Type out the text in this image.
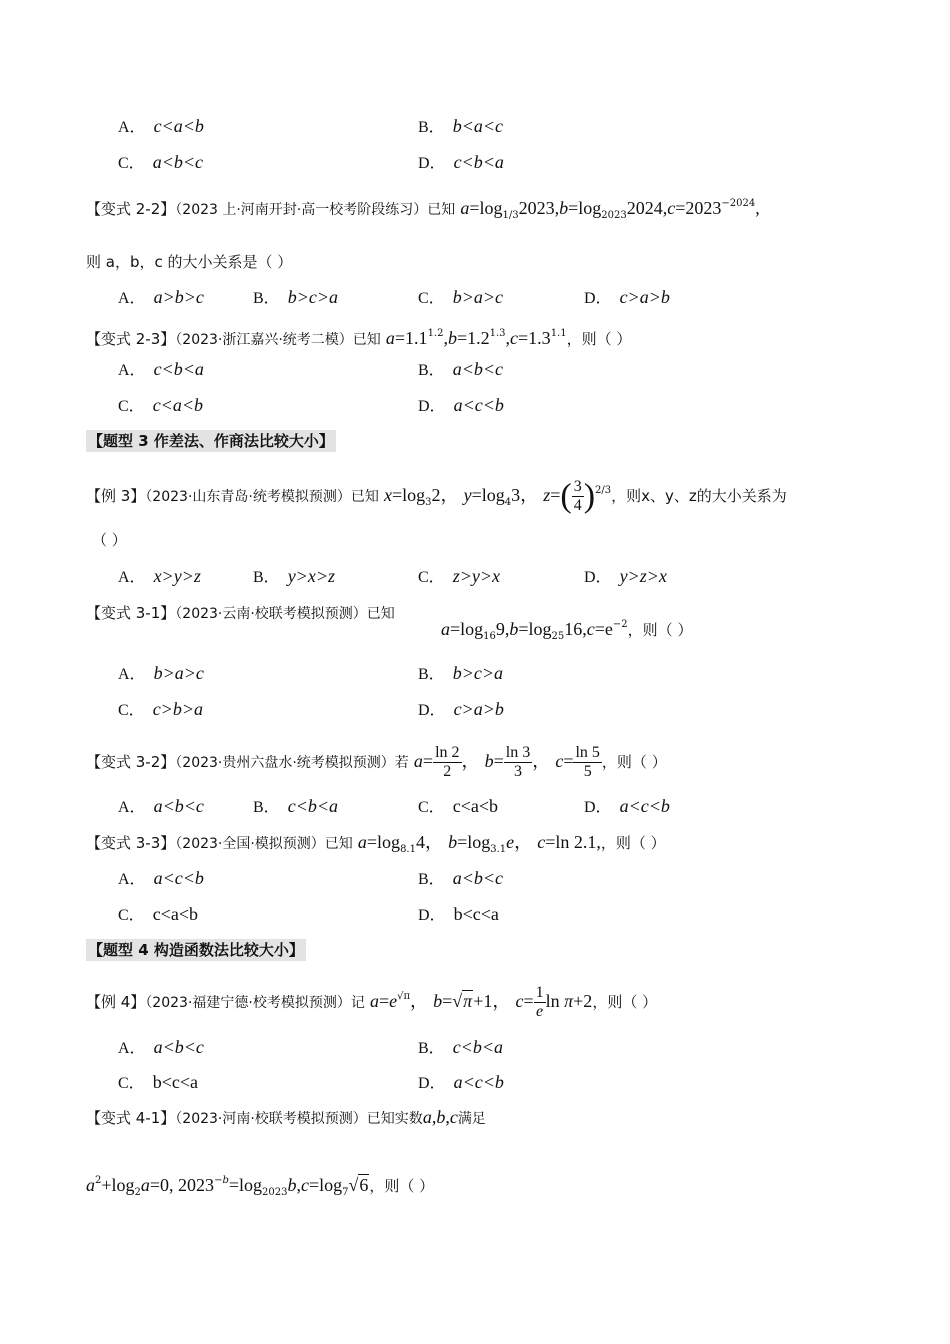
A． c<a<b	B． b<a<c
C． a<b<c	D． c<b<a
【变式 2-2】（2023 上·河南开封·高一校考阶段练习）已知 $a=\log_{1/3}2023,b=\log_{2023}2024,c=2023^{-2024}$,
则 a，b，c 的大小关系是（ ）
A． a>b>c	B． b>c>a	C． b>a>c	D． c>a>b
【变式 2-3】（2023·浙江嘉兴·统考二模）已知 $a=1.1^{1.2},b=1.2^{1.3},c=1.3^{1.1}$，则（ ）
A． c<b<a	B． a<b<c
C． c<a<b	D． a<c<b
【题型 3 作差法、作商法比较大小】
【例 3】（2023·山东青岛·统考模拟预测）已知 $x=\log_32$， $y=\log_43$， $z=( \frac{3}{4} )^{2/3}$，则x、y、z的大小关系为
（ ）
A． x>y>z	B． y>x>z	C． z>y>x	D． y>z>x
【变式 3-1】（2023·云南·校联考模拟预测）已知
$a=\log_{16}9,b=\log_{25}16,c=e^{-2}$，则（ ）
A． b>a>c	B． b>c>a
C． c>b>a	D． c>a>b
【变式 3-2】（2023·贵州六盘水·统考模拟预测）若 $a= \frac{\ln 2}{2}$ ， $b= \frac{\ln 3}{3}$ ， $c= \frac{\ln 5}{5}$ ，则（ ）
A． a<b<c	B． c<b<a	C． c<a<b	D． a<c<b
【变式 3-3】（2023·全国·模拟预测）已知 $a=\log_{8.1}4$， $b=\log_{3.1}e$， c=ln 2.1,，则（ ）
A． a<c<b	B． a<b<c
C． c<a<b	D． b<c<a
【题型 4 构造函数法比较大小】
【例 4】（2023·福建宁德·校考模拟预测）记 $a=e^{√\pi}$， b=√π+1， $c= \frac{1}{e}$ ln π+2，则（ ）
A． a<b<c	B． c<b<a
C． b<c<a	D． a<c<b
【变式 4-1】（2023·河南·校联考模拟预测）已知实数a,b,c满足
$a^2+\log_2a=0$, $2023^{-b}=\log_{2023}b,c=\log_7√6$，则（ ）
